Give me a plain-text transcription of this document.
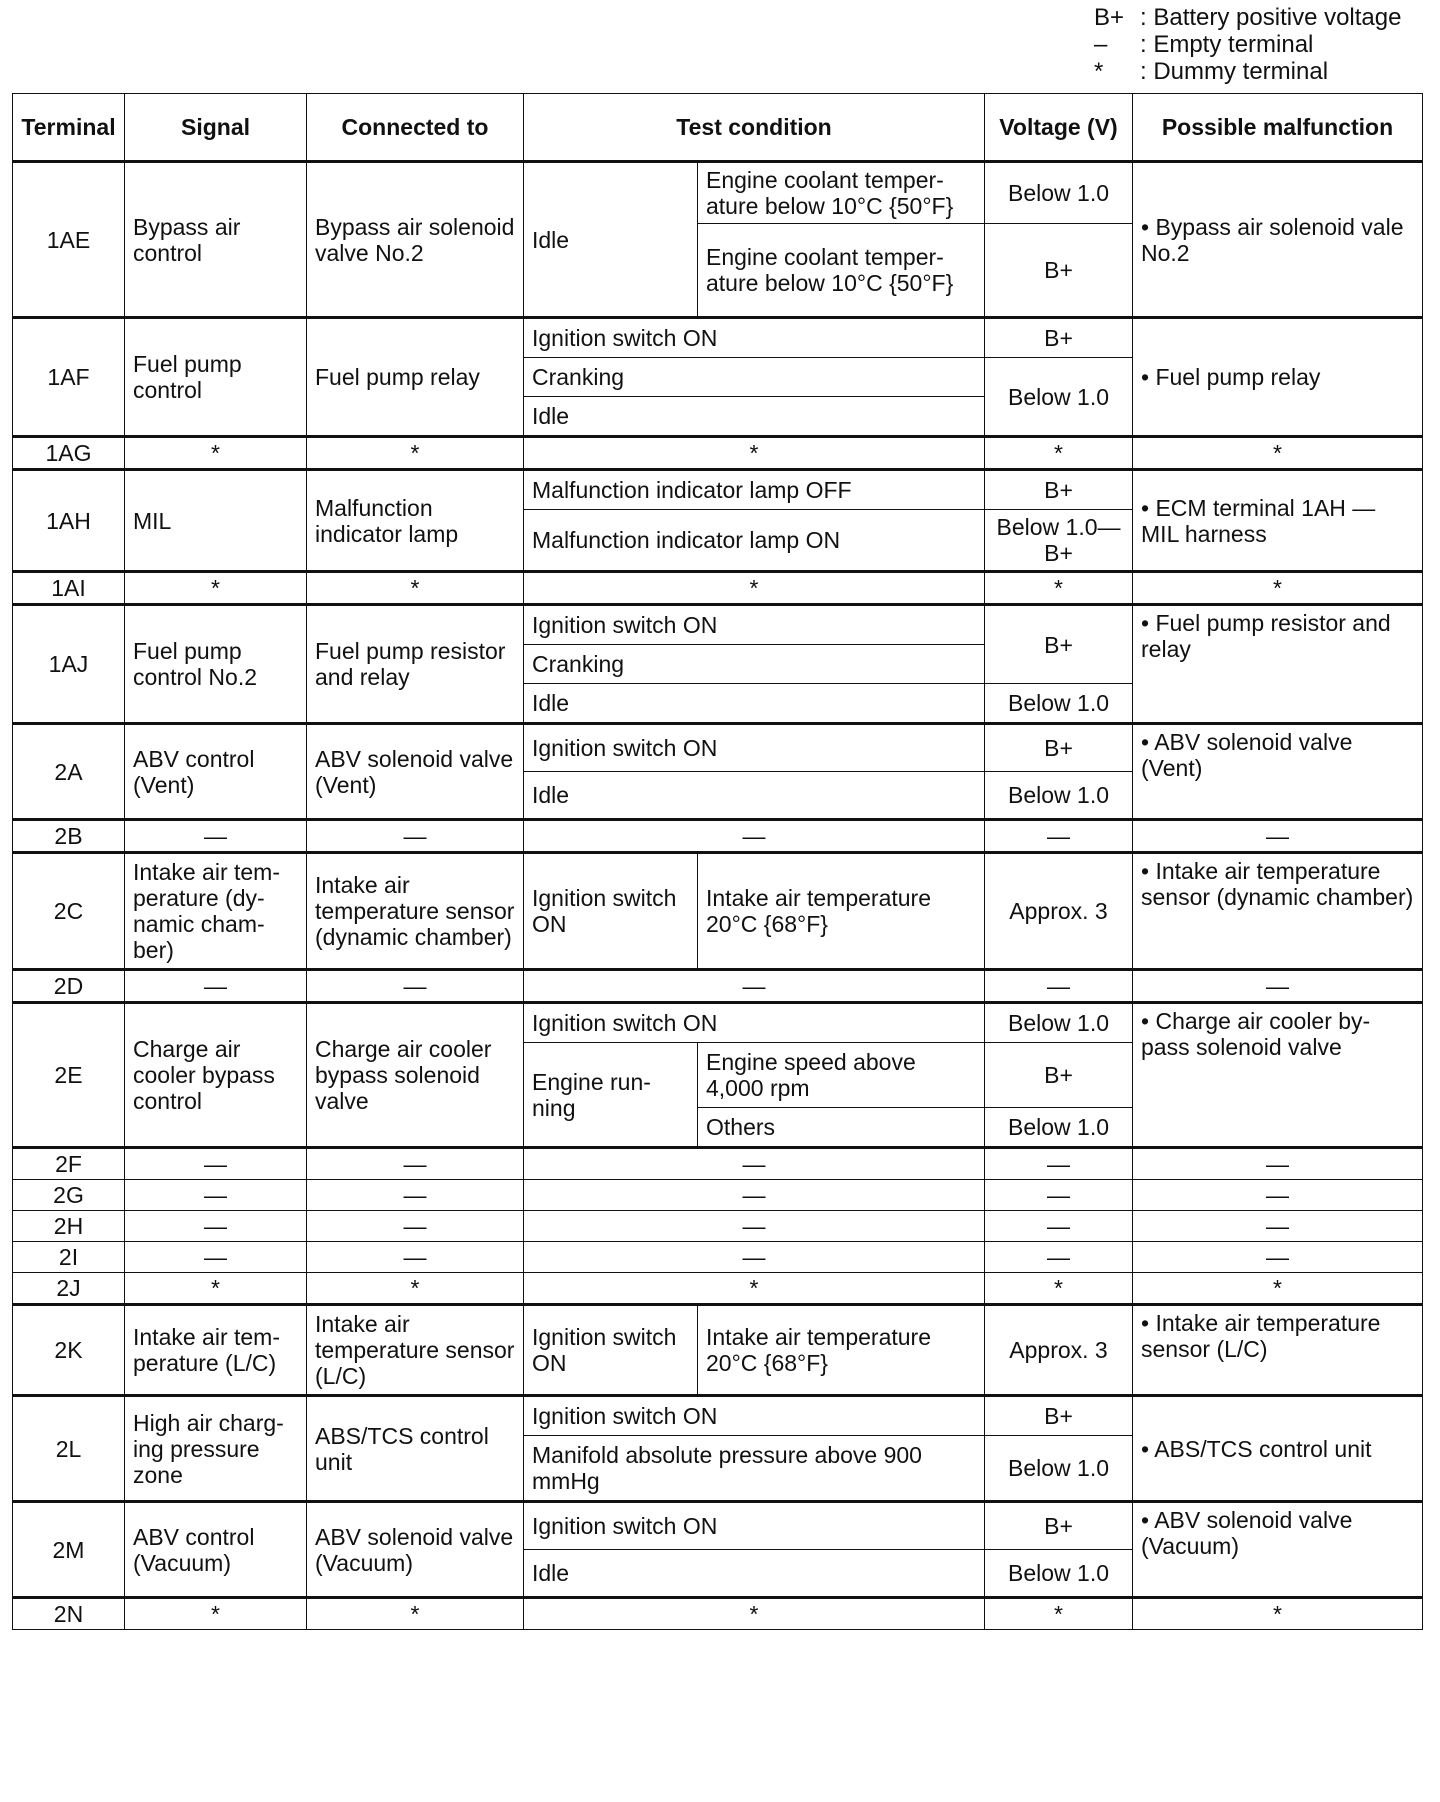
B+ : Battery positive voltage
–	: Empty terminal
*	: Dummy terminal
Terminal	Signal	Connected to	Test condition		Voltage (V)	Possible malfunction
1AE	Bypass air control	Bypass air solenoid valve No.2	Idle	Engine coolant temper-ature below 10°C {50°F}	Below 1.0	• Bypass air solenoid vale No.2
				Engine coolant temper-ature below 10°C {50°F}	B+	
1AF	Fuel pump control	Fuel pump relay	Ignition switch ON		B+	• Fuel pump relay
			Cranking		Below 1.0	
			Idle			
1AG	*	*	*		*	*
1AH	MIL	Malfunction indicator lamp	Malfunction indicator lamp OFF		B+	• ECM terminal 1AH — MIL harness
			Malfunction indicator lamp ON		Below 1.0—B+	
1AI	*	*	*		*	*
1AJ	Fuel pump control No.2	Fuel pump resistor and relay	Ignition switch ON		B+	• Fuel pump resistor and relay
			Cranking			
			Idle		Below 1.0	
2A	ABV control (Vent)	ABV solenoid valve (Vent)	Ignition switch ON		B+	• ABV solenoid valve (Vent)
			Idle		Below 1.0	
2B	—	—	—		—	—
2C	Intake air tem-perature (dy-namic cham-ber)	Intake air temperature sensor (dynamic chamber)	Ignition switch ON	Intake air temperature 20°C {68°F}	Approx. 3	• Intake air temperature sensor (dynamic chamber)
2D	—	—	—		—	—
2E	Charge air cooler bypass control	Charge air cooler bypass solenoid valve	Ignition switch ON		Below 1.0	• Charge air cooler by-pass solenoid valve
			Engine run-ning	Engine speed above 4,000 rpm	B+	
				Others	Below 1.0	
2F	—	—	—		—	—
2G	—	—	—		—	—
2H	—	—	—		—	—
2I	—	—	—		—	—
2J	*	*	*		*	*
2K	Intake air tem-perature (L/C)	Intake air temperature sensor (L/C)	Ignition switch ON	Intake air temperature 20°C {68°F}	Approx. 3	• Intake air temperature sensor (L/C)
2L	High air charg-ing pressure zone	ABS/TCS control unit	Ignition switch ON		B+	• ABS/TCS control unit
			Manifold absolute pressure above 900 mmHg		Below 1.0	
2M	ABV control (Vacuum)	ABV solenoid valve (Vacuum)	Ignition switch ON		B+	• ABV solenoid valve (Vacuum)
			Idle		Below 1.0	
2N	*	*	*		*	*
